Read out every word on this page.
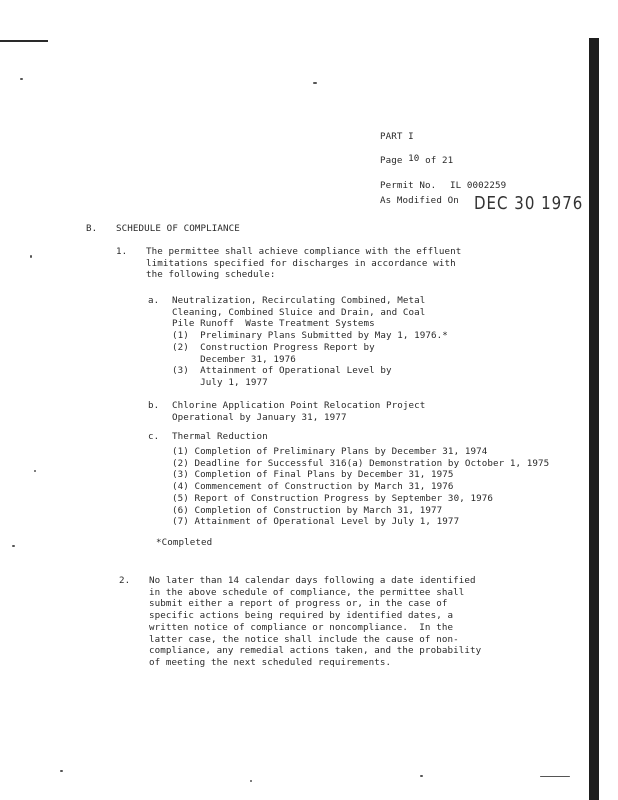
PART I
Page 10 of 21
Permit No. IL 0002259
As Modified On DEC 30 1976
B. SCHEDULE OF COMPLIANCE
1. The permittee shall achieve compliance with the effluent
limitations specified for discharges in accordance with
the following schedule:
a. Neutralization, Recirculating Combined, Metal
Cleaning, Combined Sluice and Drain, and Coal
Pile Runoff  Waste Treatment Systems
(1)  Preliminary Plans Submitted by May 1, 1976.*
(2)  Construction Progress Report by
December 31, 1976
(3)  Attainment of Operational Level by
July 1, 1977
b. Chlorine Application Point Relocation Project
Operational by January 31, 1977
c. Thermal Reduction
(1) Completion of Preliminary Plans by December 31, 1974
(2) Deadline for Successful 316(a) Demonstration by October 1, 1975
(3) Completion of Final Plans by December 31, 1975
(4) Commencement of Construction by March 31, 1976
(5) Report of Construction Progress by September 30, 1976
(6) Completion of Construction by March 31, 1977
(7) Attainment of Operational Level by July 1, 1977
*Completed
2. No later than 14 calendar days following a date identified
in the above schedule of compliance, the permittee shall
submit either a report of progress or, in the case of
specific actions being required by identified dates, a
written notice of compliance or noncompliance.  In the
latter case, the notice shall include the cause of non-
compliance, any remedial actions taken, and the probability
of meeting the next scheduled requirements.
